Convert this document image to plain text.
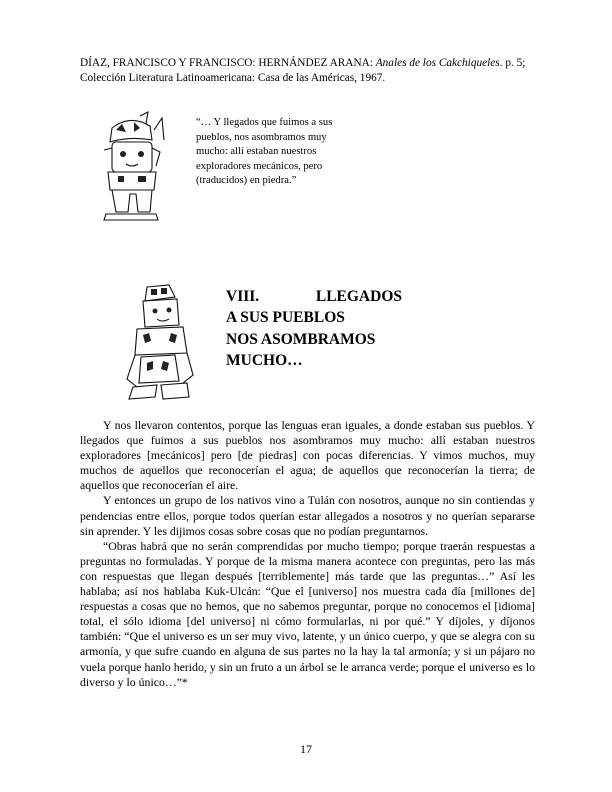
DÍAZ, FRANCISCO Y FRANCISCO: HERNÁNDEZ ARANA: Anales de los Cakchiqueles. p. 5;
Colección Literatura Latinoamericana: Casa de las Américas, 1967.
“… Y llegados que fuimos a sus pueblos, nos asombramos muy mucho: allí estaban nuestros exploradores mecánicos, pero (traducidos) en piedra.”
VIII.	LLEGADOS
A SUS PUEBLOS
NOS ASOMBRAMOS
MUCHO…

Y nos llevaron contentos, porque las lenguas eran iguales, a donde estaban sus pueblos. Y llegados que fuimos a sus pueblos nos asombramos muy mucho: allí estaban nuestros exploradores [mecánicos] pero [de piedras] con pocas diferencias. Y vimos muchos, muy muchos de aquellos que reconocerían el agua; de aquellos que reconocerían la tierra; de aquellos que reconocerían el aire.

Y entonces un grupo de los nativos vino a Tulán con nosotros, aunque no sin contiendas y pendencias entre ellos, porque todos querían estar allegados a nosotros y no querían separarse sin aprender. Y les dijimos cosas sobre cosas que no podían preguntarnos.

“Obras habrá que no serán comprendidas por mucho tiempo; porque traerán respuestas a preguntas no formuladas. Y porque de la misma manera acontece con preguntas, pero las más con respuestas que llegan después [terriblemente] más tarde que las preguntas…” Así les hablaba; así nos hablaba Kuk-Ulcán: “Que el [universo] nos muestra cada día [millones de] respuestas a cosas que no hemos, que no sabemos preguntar, porque no conocemos el [idioma] total, el sólo idioma [del universo] ni cómo formularlas, ni por qué.” Y díjoles, y díjonos también: “Que el universo es un ser muy vivo, latente, y un único cuerpo, y que se alegra con su armonía, y que sufre cuando en alguna de sus partes no la hay la tal armonía; y si un pájaro no vuela porque hanlo herido, y sin un fruto a un árbol se le arranca verde; porque el universo es lo diverso y lo único…”*

17
